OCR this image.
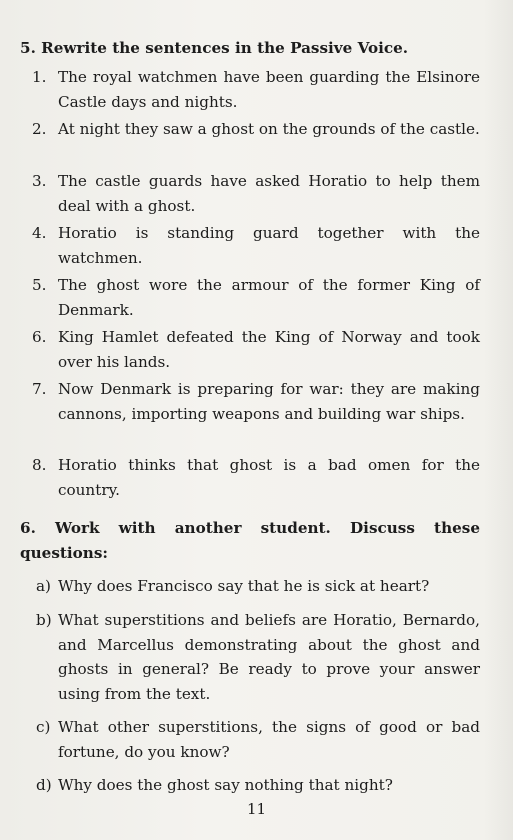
5. Rewrite the sentences in the Passive Voice.

1. The royal watchmen have been guarding the Elsinore Castle days and nights.
2. At night they saw a ghost on the grounds of the castle.
3. The castle guards have asked Horatio to help them deal with a ghost.
4. Horatio is standing guard together with the watchmen.
5. The ghost wore the armour of the former King of Denmark.
6. King Hamlet defeated the King of Norway and took over his lands.
7. Now Denmark is preparing for war: they are making cannons, importing weapons and building war ships.
8. Horatio thinks that ghost is a bad omen for the country.

6. Work with another student. Discuss these questions:

a) Why does Francisco say that he is sick at heart?
b) What superstitions and beliefs are Horatio, Bernardo, and Marcellus demonstrating about the ghost and ghosts in general? Be ready to prove your answer using from the text.
c) What other superstitions, the signs of good or bad fortune, do you know?
d) Why does the ghost say nothing that night?
11
